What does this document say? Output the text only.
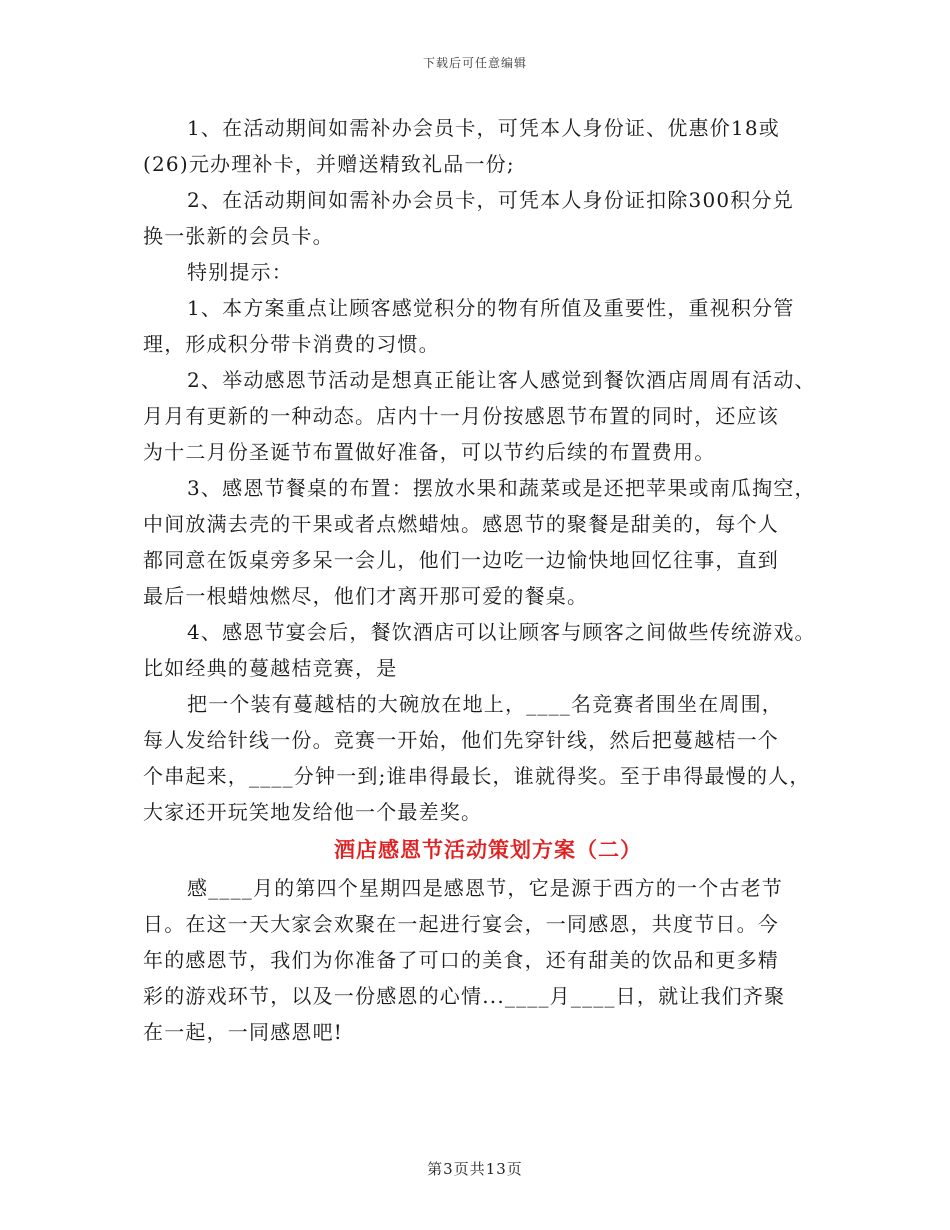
下载后可任意编辑
1、在活动期间如需补办会员卡，可凭本人身份证、优惠价18或
(26)元办理补卡，并赠送精致礼品一份;
2、在活动期间如需补办会员卡，可凭本人身份证扣除300积分兑
换一张新的会员卡。
特别提示：
1、本方案重点让顾客感觉积分的物有所值及重要性，重视积分管
理，形成积分带卡消费的习惯。
2、举动感恩节活动是想真正能让客人感觉到餐饮酒店周周有活动、
月月有更新的一种动态。店内十一月份按感恩节布置的同时，还应该
为十二月份圣诞节布置做好准备，可以节约后续的布置费用。
3、感恩节餐桌的布置：摆放水果和蔬菜或是还把苹果或南瓜掏空，
中间放满去壳的干果或者点燃蜡烛。感恩节的聚餐是甜美的，每个人
都同意在饭桌旁多呆一会儿，他们一边吃一边愉快地回忆往事，直到
最后一根蜡烛燃尽，他们才离开那可爱的餐桌。
4、感恩节宴会后，餐饮酒店可以让顾客与顾客之间做些传统游戏。
比如经典的蔓越桔竞赛，是
把一个装有蔓越桔的大碗放在地上，____名竞赛者围坐在周围，
每人发给针线一份。竞赛一开始，他们先穿针线，然后把蔓越桔一个
个串起来，____分钟一到;谁串得最长，谁就得奖。至于串得最慢的人，
大家还开玩笑地发给他一个最差奖。
酒店感恩节活动策划方案（二）
感____月的第四个星期四是感恩节，它是源于西方的一个古老节
日。在这一天大家会欢聚在一起进行宴会，一同感恩，共度节日。今
年的感恩节，我们为你准备了可口的美食，还有甜美的饮品和更多精
彩的游戏环节，以及一份感恩的心情...____月____日，就让我们齐聚
在一起，一同感恩吧!
第3页共13页
